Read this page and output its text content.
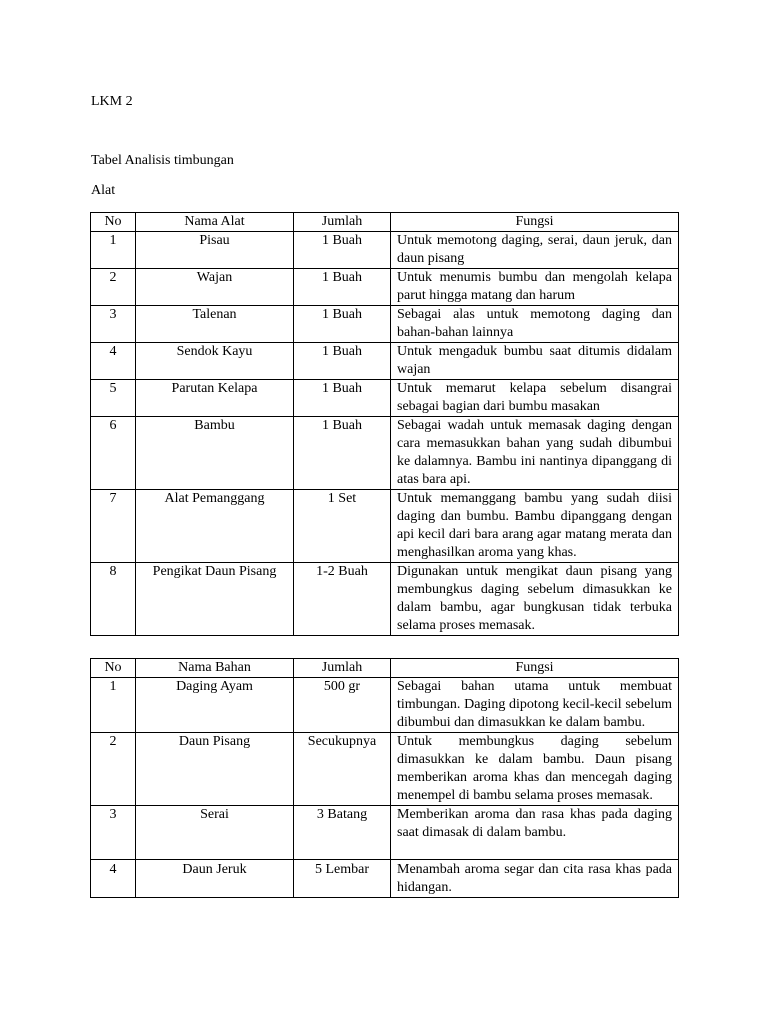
LKM 2

Tabel Analisis timbungan

Alat

No	Nama Alat	Jumlah	Fungsi
1	Pisau	1 Buah	Untuk memotong daging, serai, daun jeruk, dan daun pisang
2	Wajan	1 Buah	Untuk menumis bumbu dan mengolah kelapa parut hingga matang dan harum
3	Talenan	1 Buah	Sebagai alas untuk memotong daging dan bahan-bahan lainnya
4	Sendok Kayu	1 Buah	Untuk mengaduk bumbu saat ditumis didalam wajan
5	Parutan Kelapa	1 Buah	Untuk memarut kelapa sebelum disangrai sebagai bagian dari bumbu masakan
6	Bambu	1 Buah	Sebagai wadah untuk memasak daging dengan cara memasukkan bahan yang sudah dibumbui ke dalamnya. Bambu ini nantinya dipanggang di atas bara api.
7	Alat Pemanggang	1 Set	Untuk memanggang bambu yang sudah diisi daging dan bumbu. Bambu dipanggang dengan api kecil dari bara arang agar matang merata dan menghasilkan aroma yang khas.
8	Pengikat Daun Pisang	1-2 Buah	Digunakan untuk mengikat daun pisang yang membungkus daging sebelum dimasukkan ke dalam bambu, agar bungkusan tidak terbuka selama proses memasak.
No	Nama Bahan	Jumlah	Fungsi
1	Daging Ayam	500 gr	Sebagai bahan utama untuk membuat timbungan. Daging dipotong kecil-kecil sebelum dibumbui dan dimasukkan ke dalam bambu.
2	Daun Pisang	Secukupnya	Untuk membungkus daging sebelum dimasukkan ke dalam bambu. Daun pisang memberikan aroma khas dan mencegah daging menempel di bambu selama proses memasak.
3	Serai	3 Batang	Memberikan aroma dan rasa khas pada daging saat dimasak di dalam bambu.
4	Daun Jeruk	5 Lembar	Menambah aroma segar dan cita rasa khas pada hidangan.
